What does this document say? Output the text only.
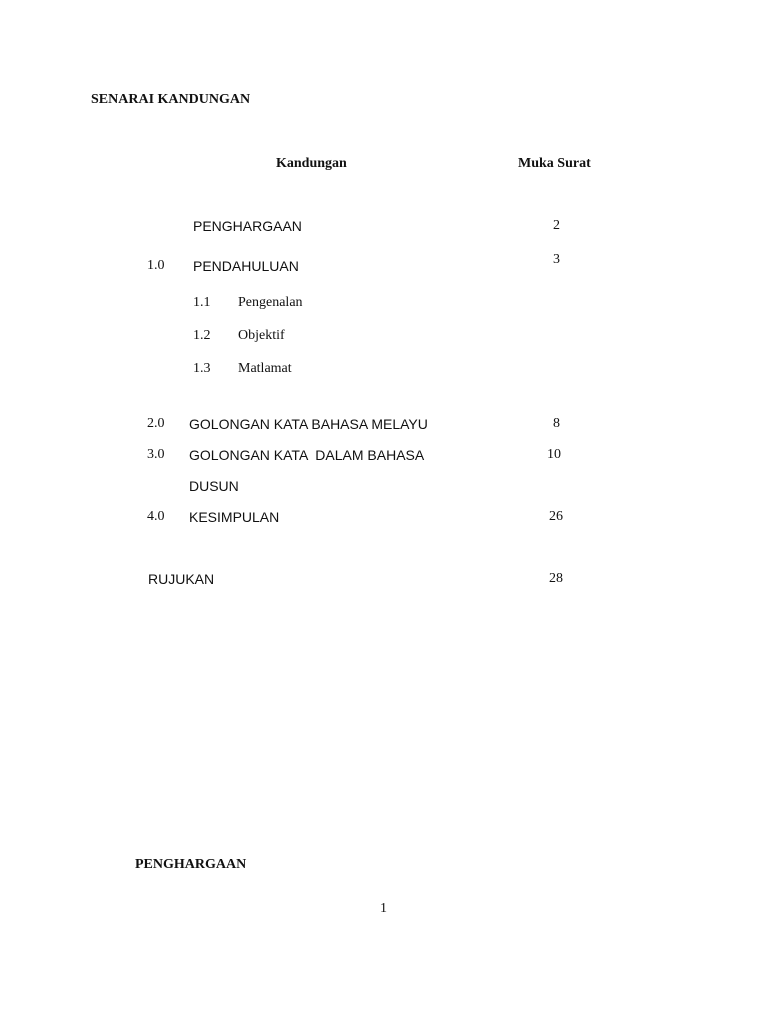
SENARAI KANDUNGAN
Kandungan	Muka Surat
PENGHARGAAN	2
1.0 PENDAHULUAN	3
1.1 Pengenalan
1.2 Objektif
1.3 Matlamat
2.0 GOLONGAN KATA BAHASA MELAYU	8
3.0 GOLONGAN KATA  DALAM BAHASA	10
DUSUN
4.0 KESIMPULAN	26
RUJUKAN	28
PENGHARGAAN
1
